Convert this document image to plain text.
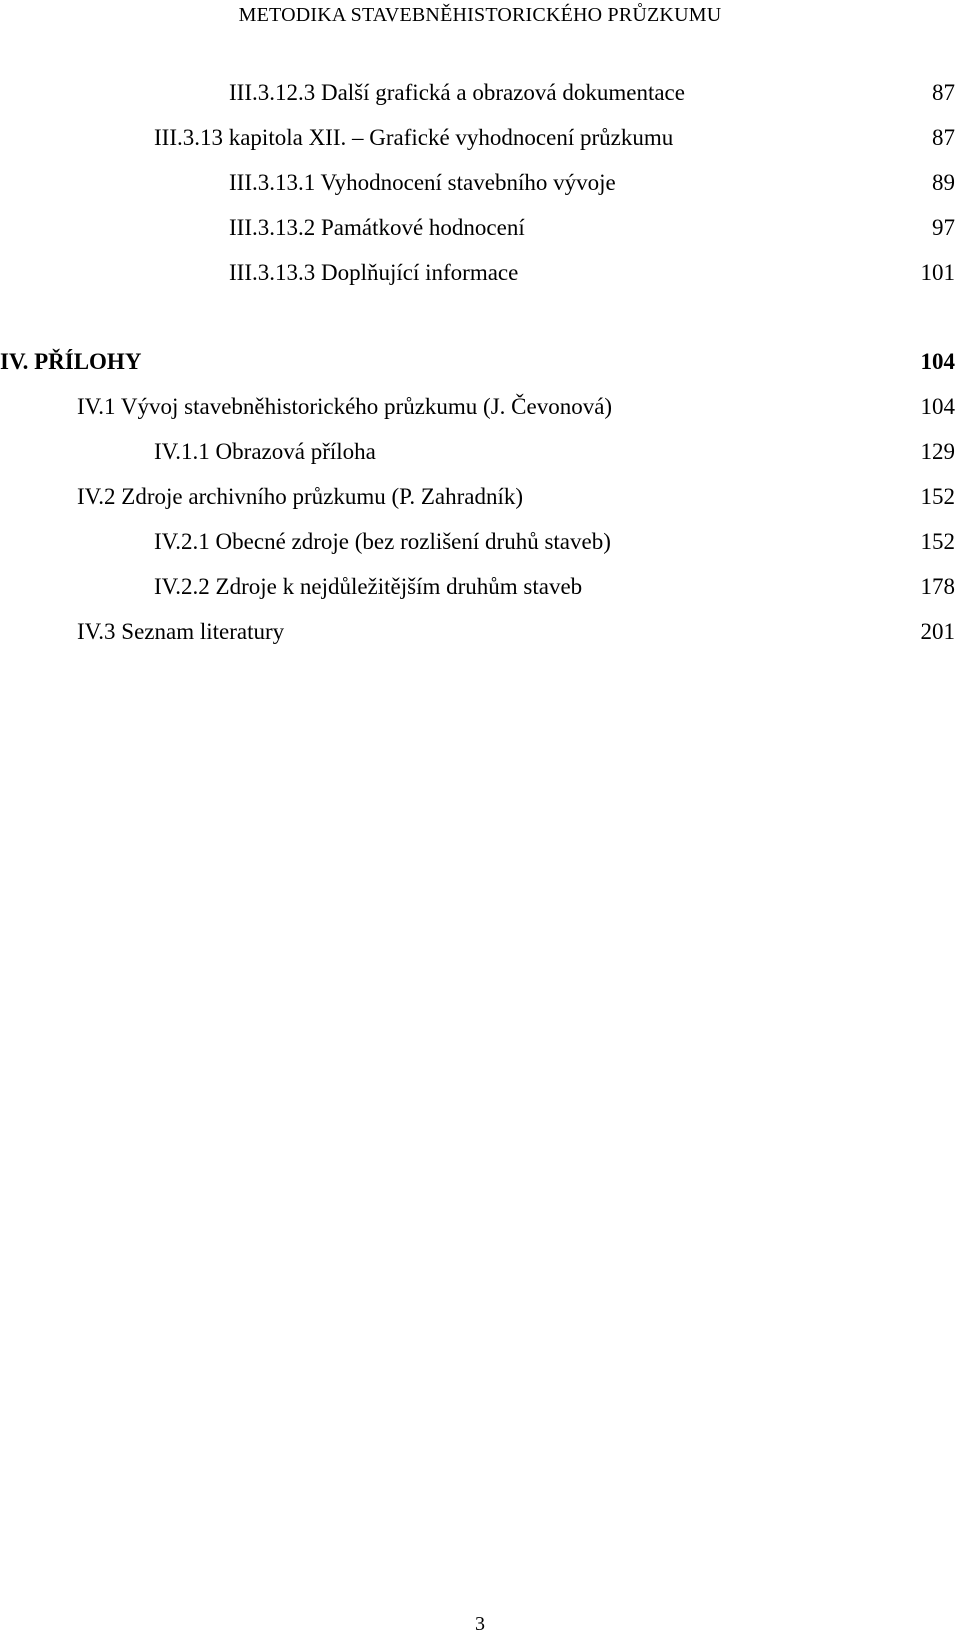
METODIKA STAVEBNĚHISTORICKÉHO PRŮZKUMU
III.3.12.3 Další grafická a obrazová dokumentace	87
III.3.13 kapitola XII. – Grafické vyhodnocení průzkumu	87
III.3.13.1 Vyhodnocení stavebního vývoje	89
III.3.13.2 Památkové hodnocení	97
III.3.13.3 Doplňující informace	101
IV. PŘÍLOHY	104
IV.1 Vývoj stavebněhistorického průzkumu (J. Čevonová)	104
IV.1.1 Obrazová příloha	129
IV.2 Zdroje archivního průzkumu (P. Zahradník)	152
IV.2.1 Obecné zdroje (bez rozlišení druhů staveb)	152
IV.2.2 Zdroje k nejdůležitějším druhům staveb	178
IV.3 Seznam literatury	201
3
